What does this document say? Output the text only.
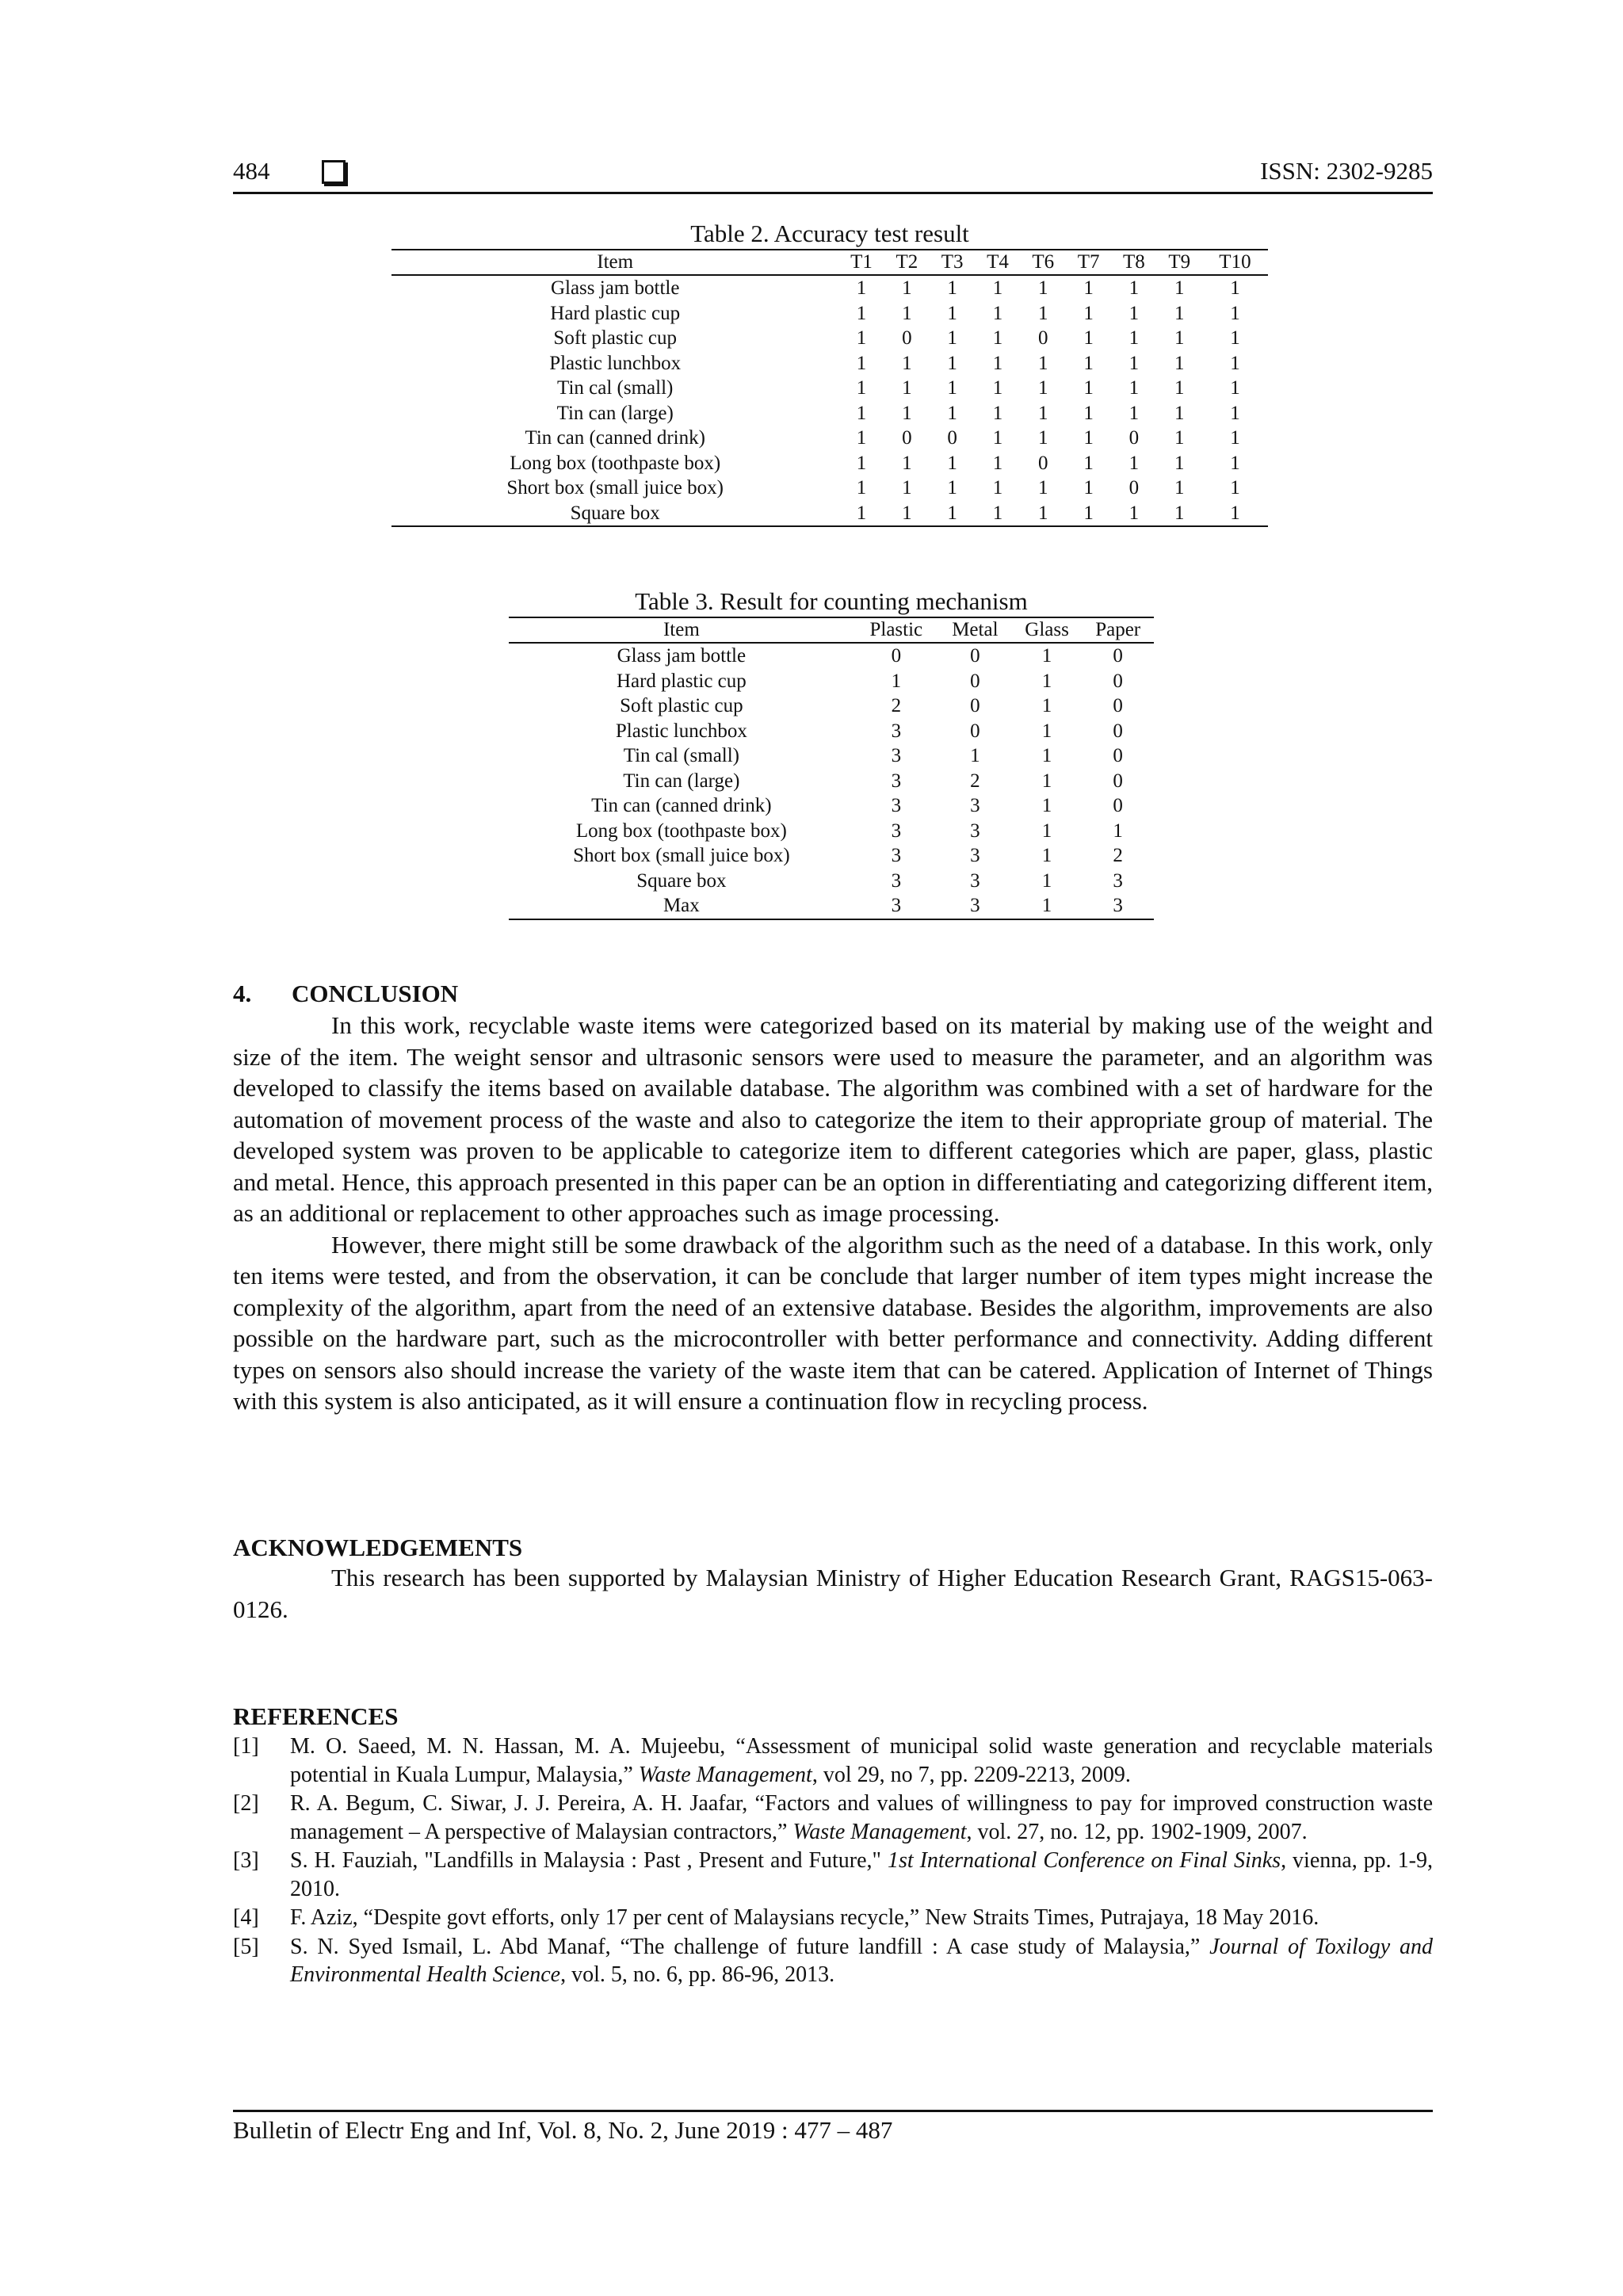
484	ISSN: 2302-9285
Table 2. Accuracy test result
Item	T1	T2	T3	T4	T6	T7	T8	T9	T10
Glass jam bottle	1	1	1	1	1	1	1	1	1
Hard plastic cup	1	1	1	1	1	1	1	1	1
Soft plastic cup	1	0	1	1	0	1	1	1	1
Plastic lunchbox	1	1	1	1	1	1	1	1	1
Tin cal (small)	1	1	1	1	1	1	1	1	1
Tin can (large)	1	1	1	1	1	1	1	1	1
Tin can (canned drink)	1	0	0	1	1	1	0	1	1
Long box (toothpaste box)	1	1	1	1	0	1	1	1	1
Short box (small juice box)	1	1	1	1	1	1	0	1	1
Square box	1	1	1	1	1	1	1	1	1
Table 3. Result for counting mechanism
Item	Plastic	Metal	Glass	Paper
Glass jam bottle	0	0	1	0
Hard plastic cup	1	0	1	0
Soft plastic cup	2	0	1	0
Plastic lunchbox	3	0	1	0
Tin cal (small)	3	1	1	0
Tin can (large)	3	2	1	0
Tin can (canned drink)	3	3	1	0
Long box (toothpaste box)	3	3	1	1
Short box (small juice box)	3	3	1	2
Square box	3	3	1	3
Max	3	3	1	3
4. CONCLUSION

In this work, recyclable waste items were categorized based on its material by making use of the weight and size of the item. The weight sensor and ultrasonic sensors were used to measure the parameter, and an algorithm was developed to classify the items based on available database. The algorithm was combined with a set of hardware for the automation of movement process of the waste and also to categorize the item to their appropriate group of material. The developed system was proven to be applicable to categorize item to different categories which are paper, glass, plastic and metal. Hence, this approach presented in this paper can be an option in differentiating and categorizing different item, as an additional or replacement to other approaches such as image processing.

However, there might still be some drawback of the algorithm such as the need of a database. In this work, only ten items were tested, and from the observation, it can be conclude that larger number of item types might increase the complexity of the algorithm, apart from the need of an extensive database. Besides the algorithm, improvements are also possible on the hardware part, such as the microcontroller with better performance and connectivity. Adding different types on sensors also should increase the variety of the waste item that can be catered. Application of Internet of Things with this system is also anticipated, as it will ensure a continuation flow in recycling process.

ACKNOWLEDGEMENTS

This research has been supported by Malaysian Ministry of Higher Education Research Grant, RAGS15-063-0126.

REFERENCES
[1] M. O. Saeed, M. N. Hassan, M. A. Mujeebu, “Assessment of municipal solid waste generation and recyclable materials potential in Kuala Lumpur, Malaysia,” Waste Management, vol 29, no 7, pp. 2209-2213, 2009.
[2] R. A. Begum, C. Siwar, J. J. Pereira, A. H. Jaafar, “Factors and values of willingness to pay for improved construction waste management – A perspective of Malaysian contractors,” Waste Management, vol. 27, no. 12, pp. 1902-1909, 2007.
[3] S. H. Fauziah, "Landfills in Malaysia : Past , Present and Future," 1st International Conference on Final Sinks, vienna, pp. 1-9, 2010.
[4] F. Aziz, “Despite govt efforts, only 17 per cent of Malaysians recycle,” New Straits Times, Putrajaya, 18 May 2016.
[5] S. N. Syed Ismail, L. Abd Manaf, “The challenge of future landfill : A case study of Malaysia,” Journal of Toxilogy and Environmental Health Science, vol. 5, no. 6, pp. 86-96, 2013.
Bulletin of Electr Eng and Inf, Vol. 8, No. 2, June 2019 : 477 – 487
